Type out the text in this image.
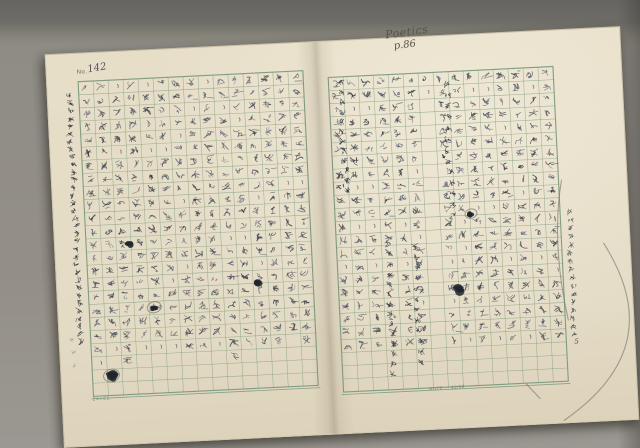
No. 142
Poetics
p.86
24×25
NOTE ⋯ 42/58
5
